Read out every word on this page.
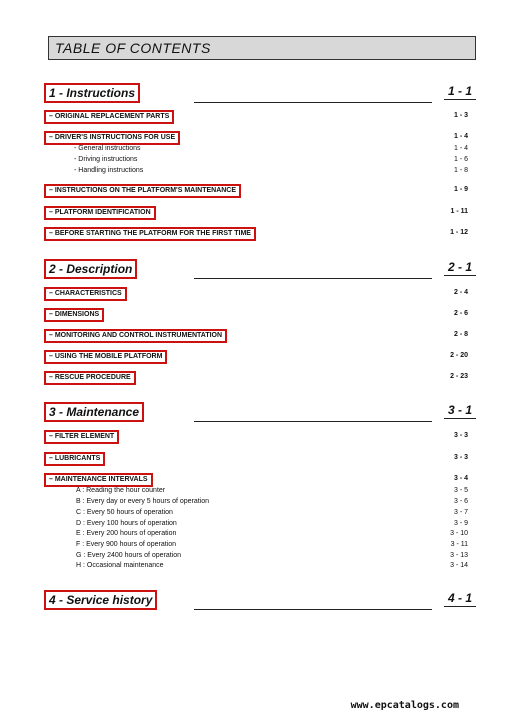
TABLE OF CONTENTS
1 - Instructions	1 - 1
– ORIGINAL REPLACEMENT PARTS	1 - 3
– DRIVER'S INSTRUCTIONS FOR USE	1 - 4
- General instructions	1 - 4
- Driving instructions	1 - 6
- Handling instructions	1 - 8
– INSTRUCTIONS ON THE PLATFORM'S MAINTENANCE	1 - 9
– PLATFORM IDENTIFICATION	1 - 11
– BEFORE STARTING THE PLATFORM FOR THE FIRST TIME	1 - 12
2 - Description	2 - 1
– CHARACTERISTICS	2 - 4
– DIMENSIONS	2 - 6
– MONITORING AND CONTROL INSTRUMENTATION	2 - 8
– USING THE MOBILE PLATFORM	2 - 20
– RESCUE PROCEDURE	2 - 23
3 - Maintenance	3 - 1
– FILTER ELEMENT	3 - 3
– LUBRICANTS	3 - 3
– MAINTENANCE INTERVALS	3 - 4
A : Reading the hour counter	3 - 5
B : Every day or every 5 hours of operation	3 - 6
C : Every 50 hours of operation	3 - 7
D : Every 100 hours of operation	3 - 9
E : Every 200 hours of operation	3 - 10
F : Every 900 hours of operation	3 - 11
G : Every 2400 hours of operation	3 - 13
H : Occasional maintenance	3 - 14
4 - Service history	4 - 1
www.epcatalogs.com
